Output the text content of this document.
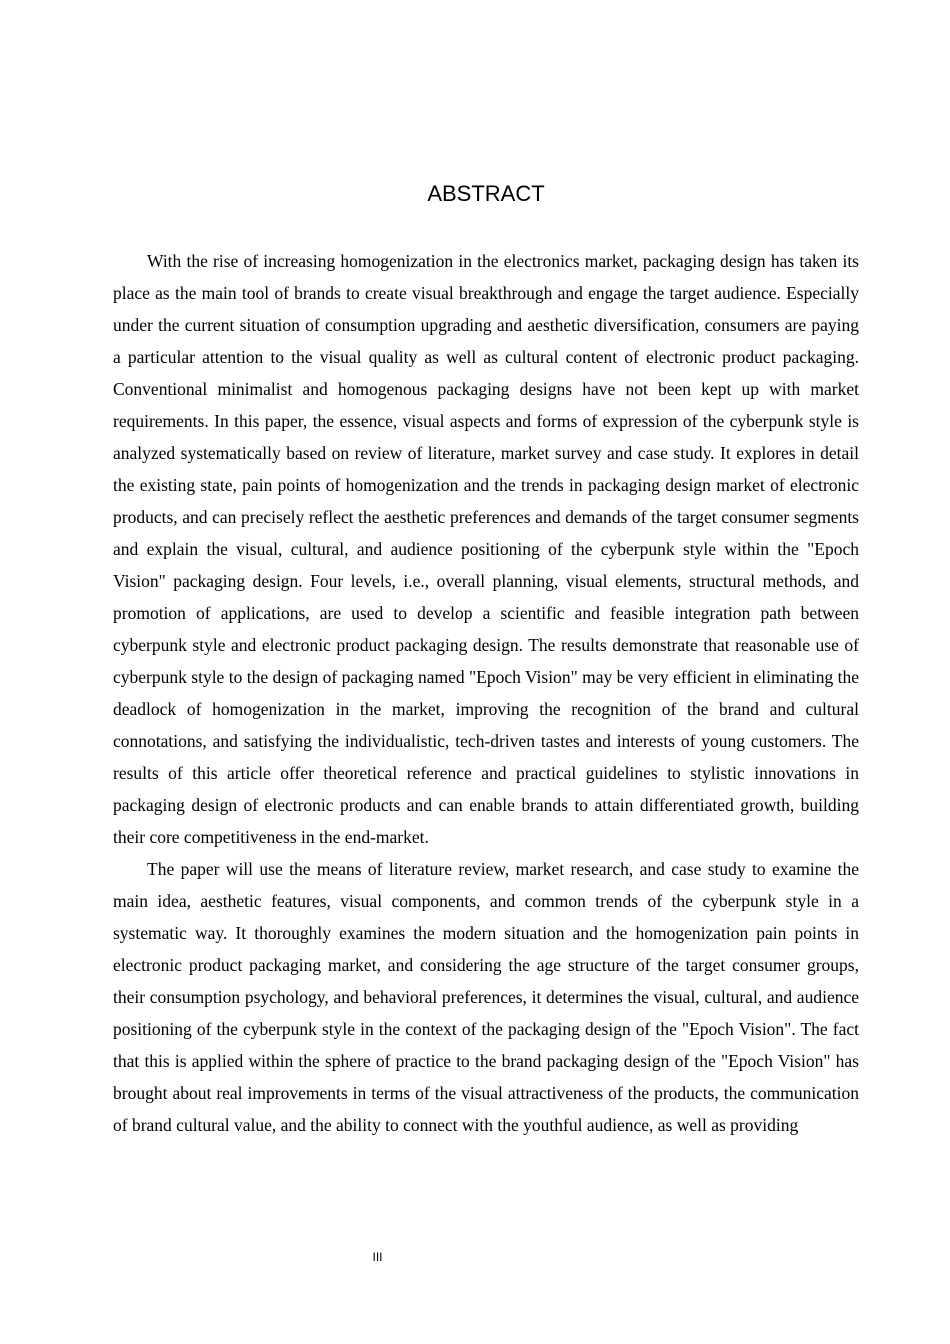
ABSTRACT

With the rise of increasing homogenization in the electronics market, packaging design has taken its place as the main tool of brands to create visual breakthrough and engage the target audience. Especially under the current situation of consumption upgrading and aesthetic diversification, consumers are paying a particular attention to the visual quality as well as cultural content of electronic product packaging. Conventional minimalist and homogenous packaging designs have not been kept up with market requirements. In this paper, the essence, visual aspects and forms of expression of the cyberpunk style is analyzed systematically based on review of literature, market survey and case study. It explores in detail the existing state, pain points of homogenization and the trends in packaging design market of electronic products, and can precisely reflect the aesthetic preferences and demands of the target consumer segments and explain the visual, cultural, and audience positioning of the cyberpunk style within the "Epoch Vision" packaging design. Four levels, i.e., overall planning, visual elements, structural methods, and promotion of applications, are used to develop a scientific and feasible integration path between cyberpunk style and electronic product packaging design. The results demonstrate that reasonable use of cyberpunk style to the design of packaging named "Epoch Vision" may be very efficient in eliminating the deadlock of homogenization in the market, improving the recognition of the brand and cultural connotations, and satisfying the individualistic, tech-driven tastes and interests of young customers. The results of this article offer theoretical reference and practical guidelines to stylistic innovations in packaging design of electronic products and can enable brands to attain differentiated growth, building their core competitiveness in the end-market.

The paper will use the means of literature review, market research, and case study to examine the main idea, aesthetic features, visual components, and common trends of the cyberpunk style in a systematic way. It thoroughly examines the modern situation and the homogenization pain points in electronic product packaging market, and considering the age structure of the target consumer groups, their consumption psychology, and behavioral preferences, it determines the visual, cultural, and audience positioning of the cyberpunk style in the context of the packaging design of the "Epoch Vision". The fact that this is applied within the sphere of practice to the brand packaging design of the "Epoch Vision" has brought about real improvements in terms of the visual attractiveness of the products, the communication of brand cultural value, and the ability to connect with the youthful audience, as well as providing

III
